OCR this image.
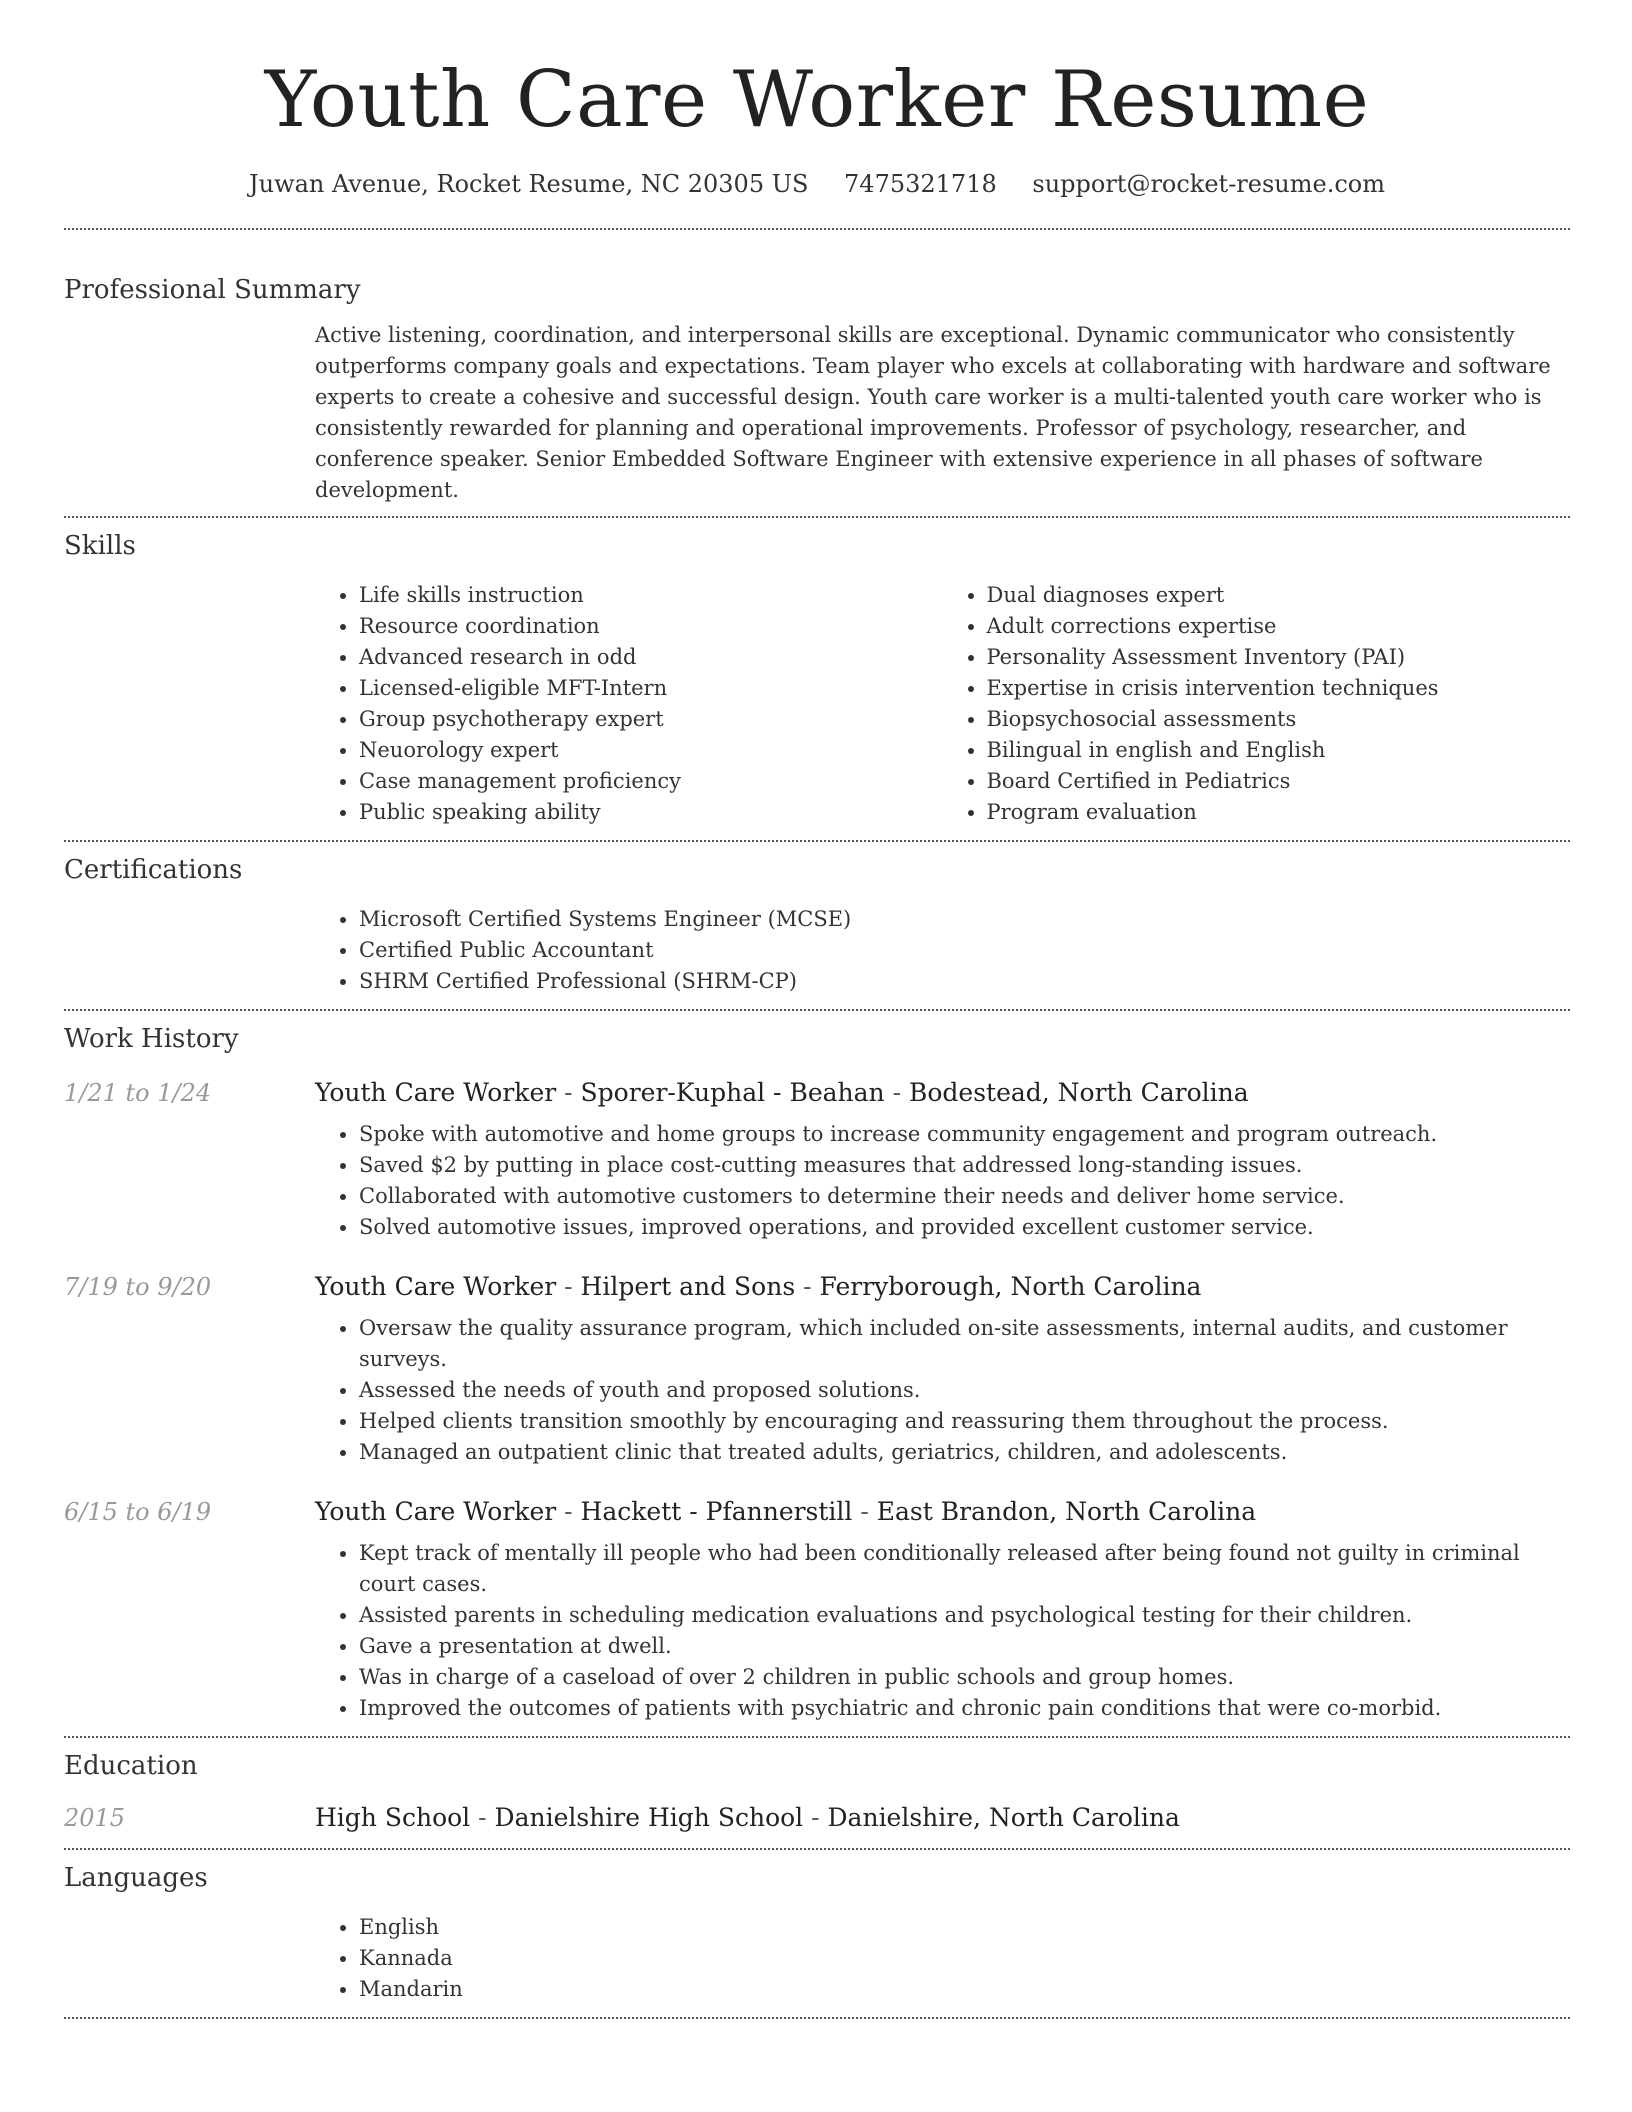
Youth Care Worker Resume
Juwan Avenue, Rocket Resume, NC 20305 US 7475321718 support@rocket-resume.com
Professional Summary
Active listening, coordination, and interpersonal skills are exceptional. Dynamic communicator who consistently outperforms company goals and expectations. Team player who excels at collaborating with hardware and software experts to create a cohesive and successful design. Youth care worker is a multi-talented youth care worker who is consistently rewarded for planning and operational improvements. Professor of psychology, researcher, and conference speaker. Senior Embedded Software Engineer with extensive experience in all phases of software development.
Skills
• Life skills instruction
• Resource coordination
• Advanced research in odd
• Licensed-eligible MFT-Intern
• Group psychotherapy expert
• Neuorology expert
• Case management proficiency
• Public speaking ability
• Dual diagnoses expert
• Adult corrections expertise
• Personality Assessment Inventory (PAI)
• Expertise in crisis intervention techniques
• Biopsychosocial assessments
• Bilingual in english and English
• Board Certified in Pediatrics
• Program evaluation
Certifications
• Microsoft Certified Systems Engineer (MCSE)
• Certified Public Accountant
• SHRM Certified Professional (SHRM-CP)
Work History
1/21 to 1/24	Youth Care Worker - Sporer-Kuphal - Beahan - Bodestead, North Carolina
• Spoke with automotive and home groups to increase community engagement and program outreach.
• Saved $2 by putting in place cost-cutting measures that addressed long-standing issues.
• Collaborated with automotive customers to determine their needs and deliver home service.
• Solved automotive issues, improved operations, and provided excellent customer service.
7/19 to 9/20	Youth Care Worker - Hilpert and Sons - Ferryborough, North Carolina
• Oversaw the quality assurance program, which included on-site assessments, internal audits, and customer surveys.
• Assessed the needs of youth and proposed solutions.
• Helped clients transition smoothly by encouraging and reassuring them throughout the process.
• Managed an outpatient clinic that treated adults, geriatrics, children, and adolescents.
6/15 to 6/19	Youth Care Worker - Hackett - Pfannerstill - East Brandon, North Carolina
• Kept track of mentally ill people who had been conditionally released after being found not guilty in criminal court cases.
• Assisted parents in scheduling medication evaluations and psychological testing for their children.
• Gave a presentation at dwell.
• Was in charge of a caseload of over 2 children in public schools and group homes.
• Improved the outcomes of patients with psychiatric and chronic pain conditions that were co-morbid.
Education
2015	High School - Danielshire High School - Danielshire, North Carolina
Languages
• English
• Kannada
• Mandarin
